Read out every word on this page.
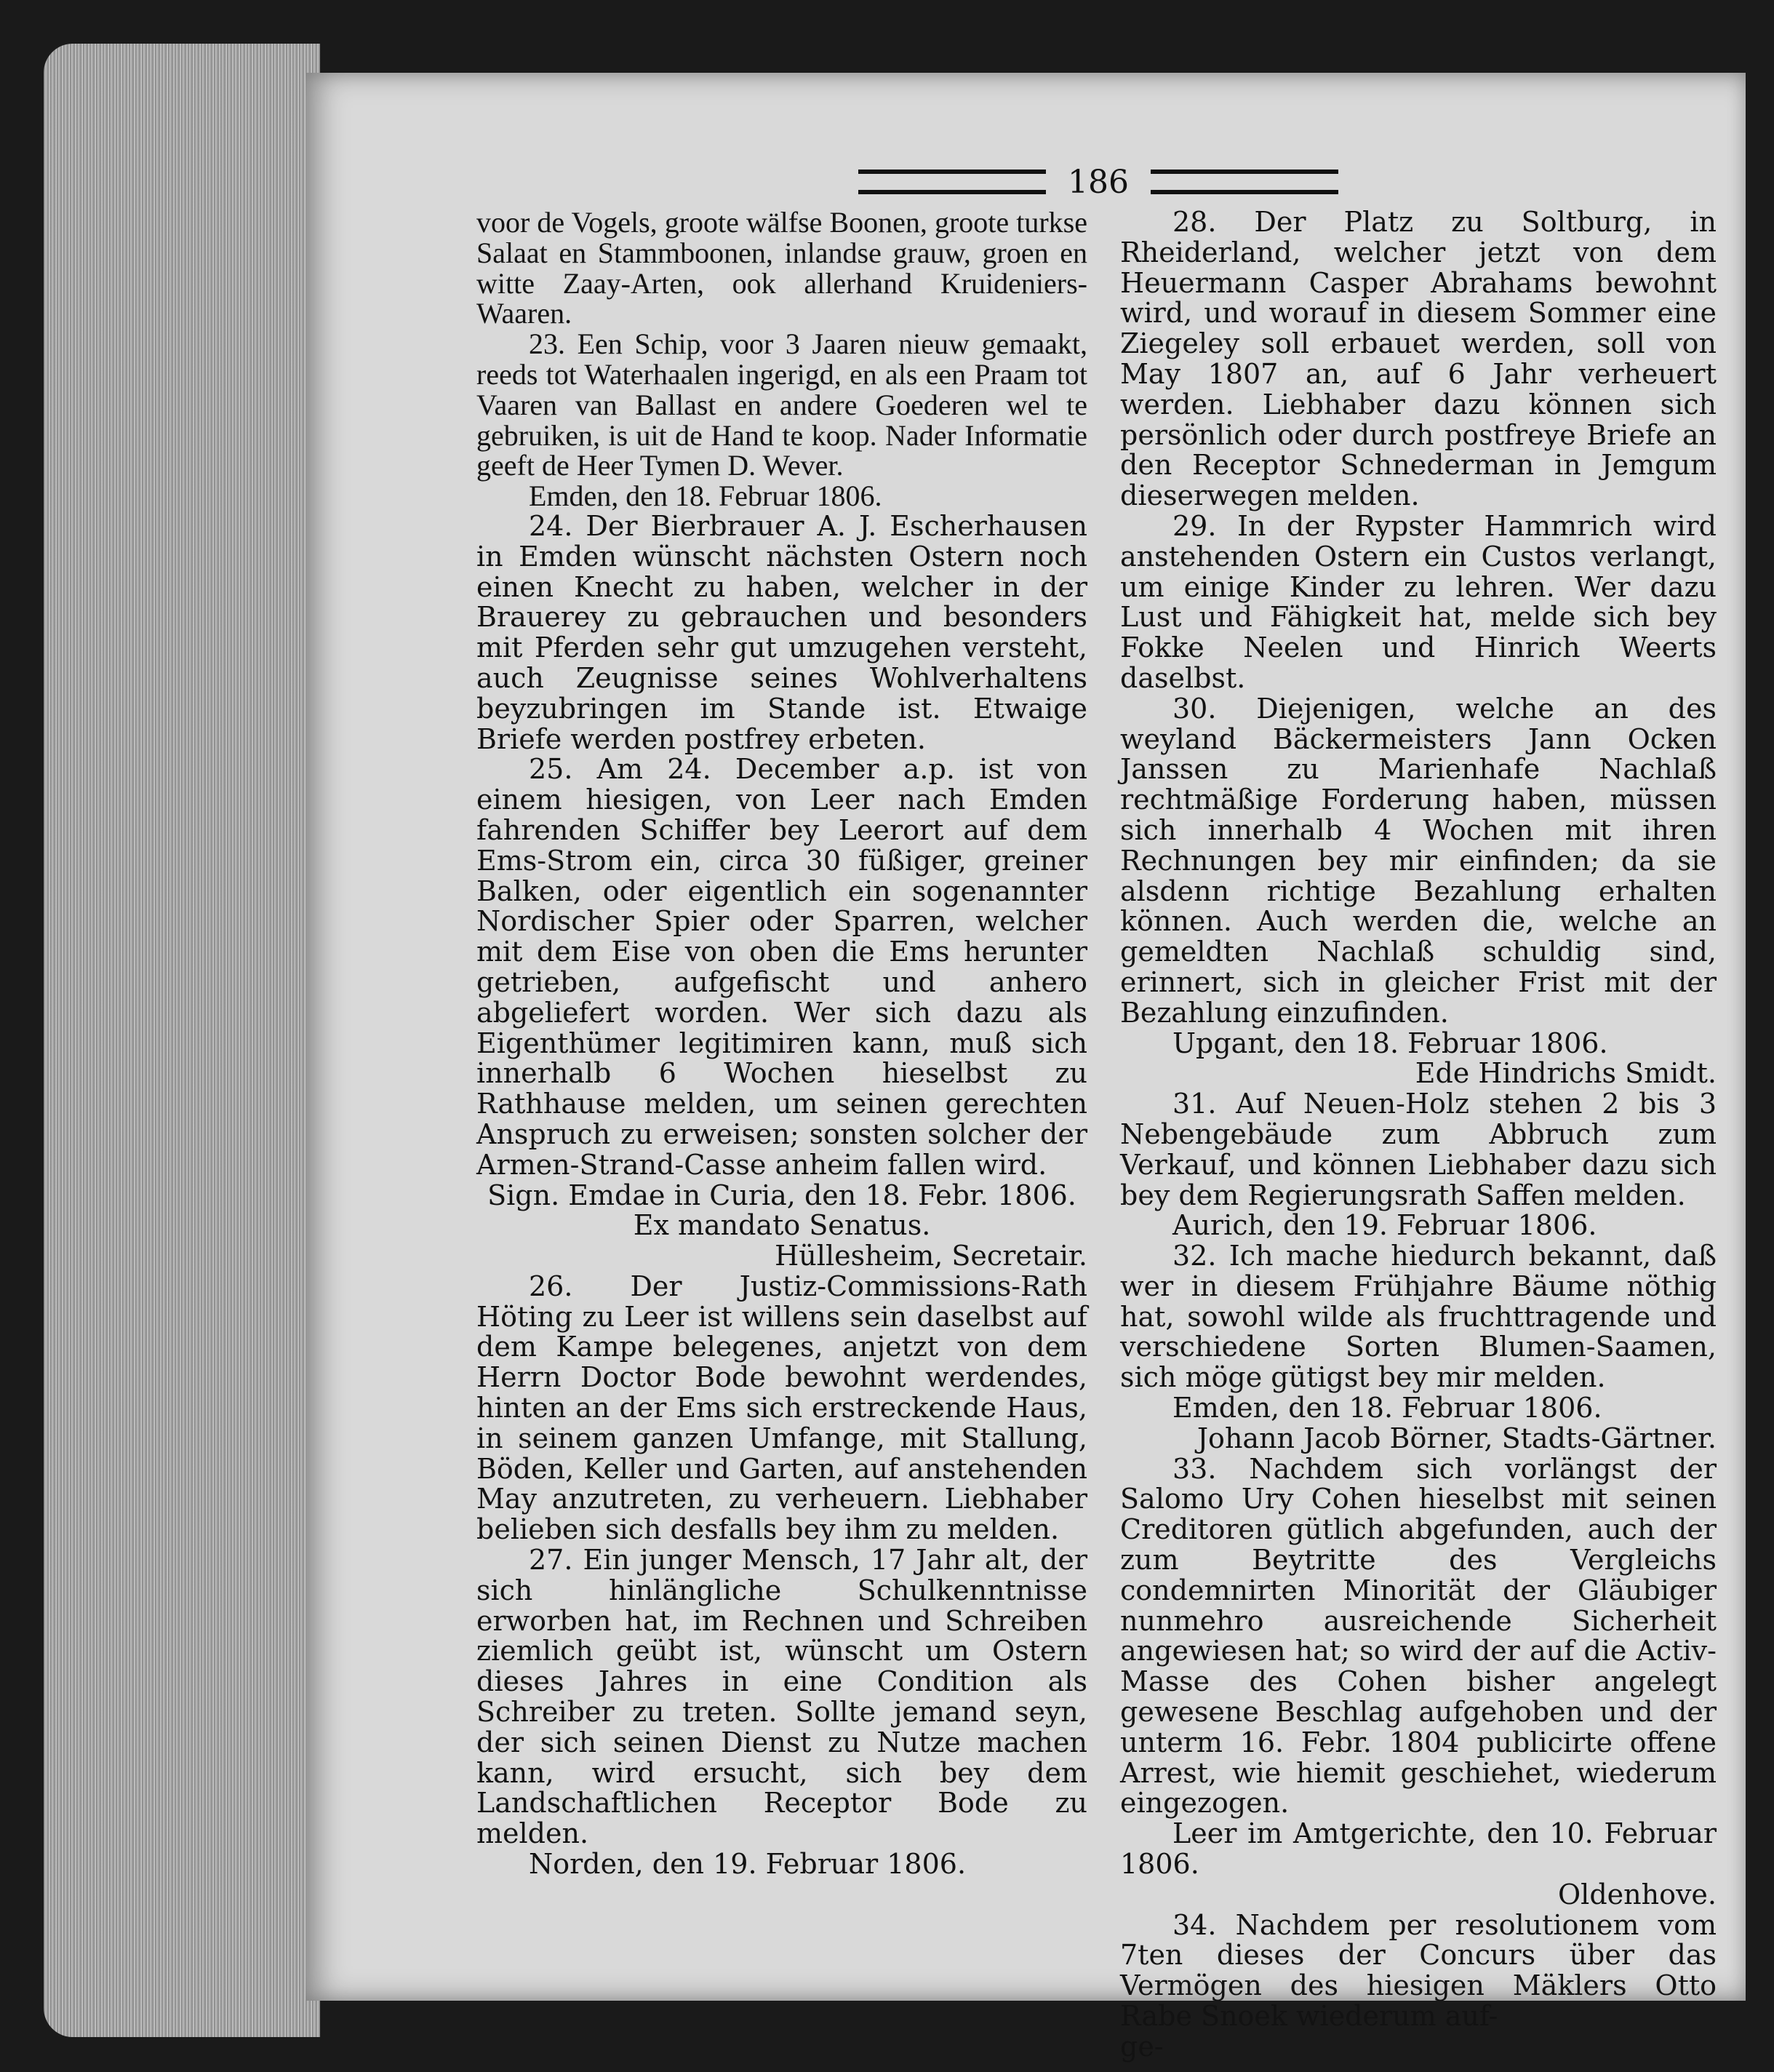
186

voor de Vogels, groote wälfse Boonen, groote turkse Salaat en Stammboonen, inlandse grauw, groen en witte Zaay-Arten, ook allerhand Kruideniers-Waaren.

23. Een Schip, voor 3 Jaaren nieuw gemaakt, reeds tot Waterhaalen ingerigd, en als een Praam tot Vaaren van Ballast en andere Goederen wel te gebruiken, is uit de Hand te koop. Nader Informatie geeft de Heer Tymen D. Wever.

Emden, den 18. Februar 1806.

24. Der Bierbrauer A. J. Escherhausen in Emden wünscht nächsten Ostern noch einen Knecht zu haben, welcher in der Brauerey zu gebrauchen und besonders mit Pferden sehr gut umzugehen versteht, auch Zeugnisse seines Wohlverhaltens beyzubringen im Stande ist. Etwaige Briefe werden postfrey erbeten.

25. Am 24. December a.p. ist von einem hiesigen, von Leer nach Emden fahrenden Schiffer bey Leerort auf dem Ems-Strom ein, circa 30 füßiger, greiner Balken, oder eigentlich ein sogenannter Nordischer Spier oder Sparren, welcher mit dem Eise von oben die Ems herunter getrieben, aufgefischt und anhero abgeliefert worden. Wer sich dazu als Eigenthümer legitimiren kann, muß sich innerhalb 6 Wochen hieselbst zu Rathhause melden, um seinen gerechten Anspruch zu erweisen; sonsten solcher der Armen-Strand-Casse anheim fallen wird.

Sign. Emdae in Curia, den 18. Febr. 1806.

Ex mandato Senatus.

Hüllesheim, Secretair.

26. Der Justiz-Commissions-Rath Höting zu Leer ist willens sein daselbst auf dem Kampe belegenes, anjetzt von dem Herrn Doctor Bode bewohnt werdendes, hinten an der Ems sich erstreckende Haus, in seinem ganzen Umfange, mit Stallung, Böden, Keller und Garten, auf anstehenden May anzutreten, zu verheuern. Liebhaber belieben sich desfalls bey ihm zu melden.

27. Ein junger Mensch, 17 Jahr alt, der sich hinlängliche Schulkenntnisse erworben hat, im Rechnen und Schreiben ziemlich geübt ist, wünscht um Ostern dieses Jahres in eine Condition als Schreiber zu treten. Sollte jemand seyn, der sich seinen Dienst zu Nutze machen kann, wird ersucht, sich bey dem Landschaftlichen Receptor Bode zu melden.

Norden, den 19. Februar 1806.

28. Der Platz zu Soltburg, in Rheiderland, welcher jetzt von dem Heuermann Casper Abrahams bewohnt wird, und worauf in diesem Sommer eine Ziegeley soll erbauet werden, soll von May 1807 an, auf 6 Jahr verheuert werden. Liebhaber dazu können sich persönlich oder durch postfreye Briefe an den Receptor Schnederman in Jemgum dieserwegen melden.

29. In der Rypster Hammrich wird anstehenden Ostern ein Custos verlangt, um einige Kinder zu lehren. Wer dazu Lust und Fähigkeit hat, melde sich bey Fokke Neelen und Hinrich Weerts daselbst.

30. Diejenigen, welche an des weyland Bäckermeisters Jann Ocken Janssen zu Marienhafe Nachlaß rechtmäßige Forderung haben, müssen sich innerhalb 4 Wochen mit ihren Rechnungen bey mir einfinden; da sie alsdenn richtige Bezahlung erhalten können. Auch werden die, welche an gemeldten Nachlaß schuldig sind, erinnert, sich in gleicher Frist mit der Bezahlung einzufinden.

Upgant, den 18. Februar 1806.

Ede Hindrichs Smidt.

31. Auf Neuen-Holz stehen 2 bis 3 Nebengebäude zum Abbruch zum Verkauf, und können Liebhaber dazu sich bey dem Regierungsrath Saffen melden.

Aurich, den 19. Februar 1806.

32. Ich mache hiedurch bekannt, daß wer in diesem Frühjahre Bäume nöthig hat, sowohl wilde als fruchttragende und verschiedene Sorten Blumen-Saamen, sich möge gütigst bey mir melden.

Emden, den 18. Februar 1806.

Johann Jacob Börner, Stadts-Gärtner.

33. Nachdem sich vorlängst der Salomo Ury Cohen hieselbst mit seinen Creditoren gütlich abgefunden, auch der zum Beytritte des Vergleichs condemnirten Minorität der Gläubiger nunmehro ausreichende Sicherheit angewiesen hat; so wird der auf die Activ-Masse des Cohen bisher angelegt gewesene Beschlag aufgehoben und der unterm 16. Febr. 1804 publicirte offene Arrest, wie hiemit geschiehet, wiederum eingezogen.

Leer im Amtgerichte, den 10. Februar 1806.

Oldenhove.

34. Nachdem per resolutionem vom 7ten dieses der Concurs über das Vermögen des hiesigen Mäklers Otto Rabe Snoek wiederum auf-

ge-
